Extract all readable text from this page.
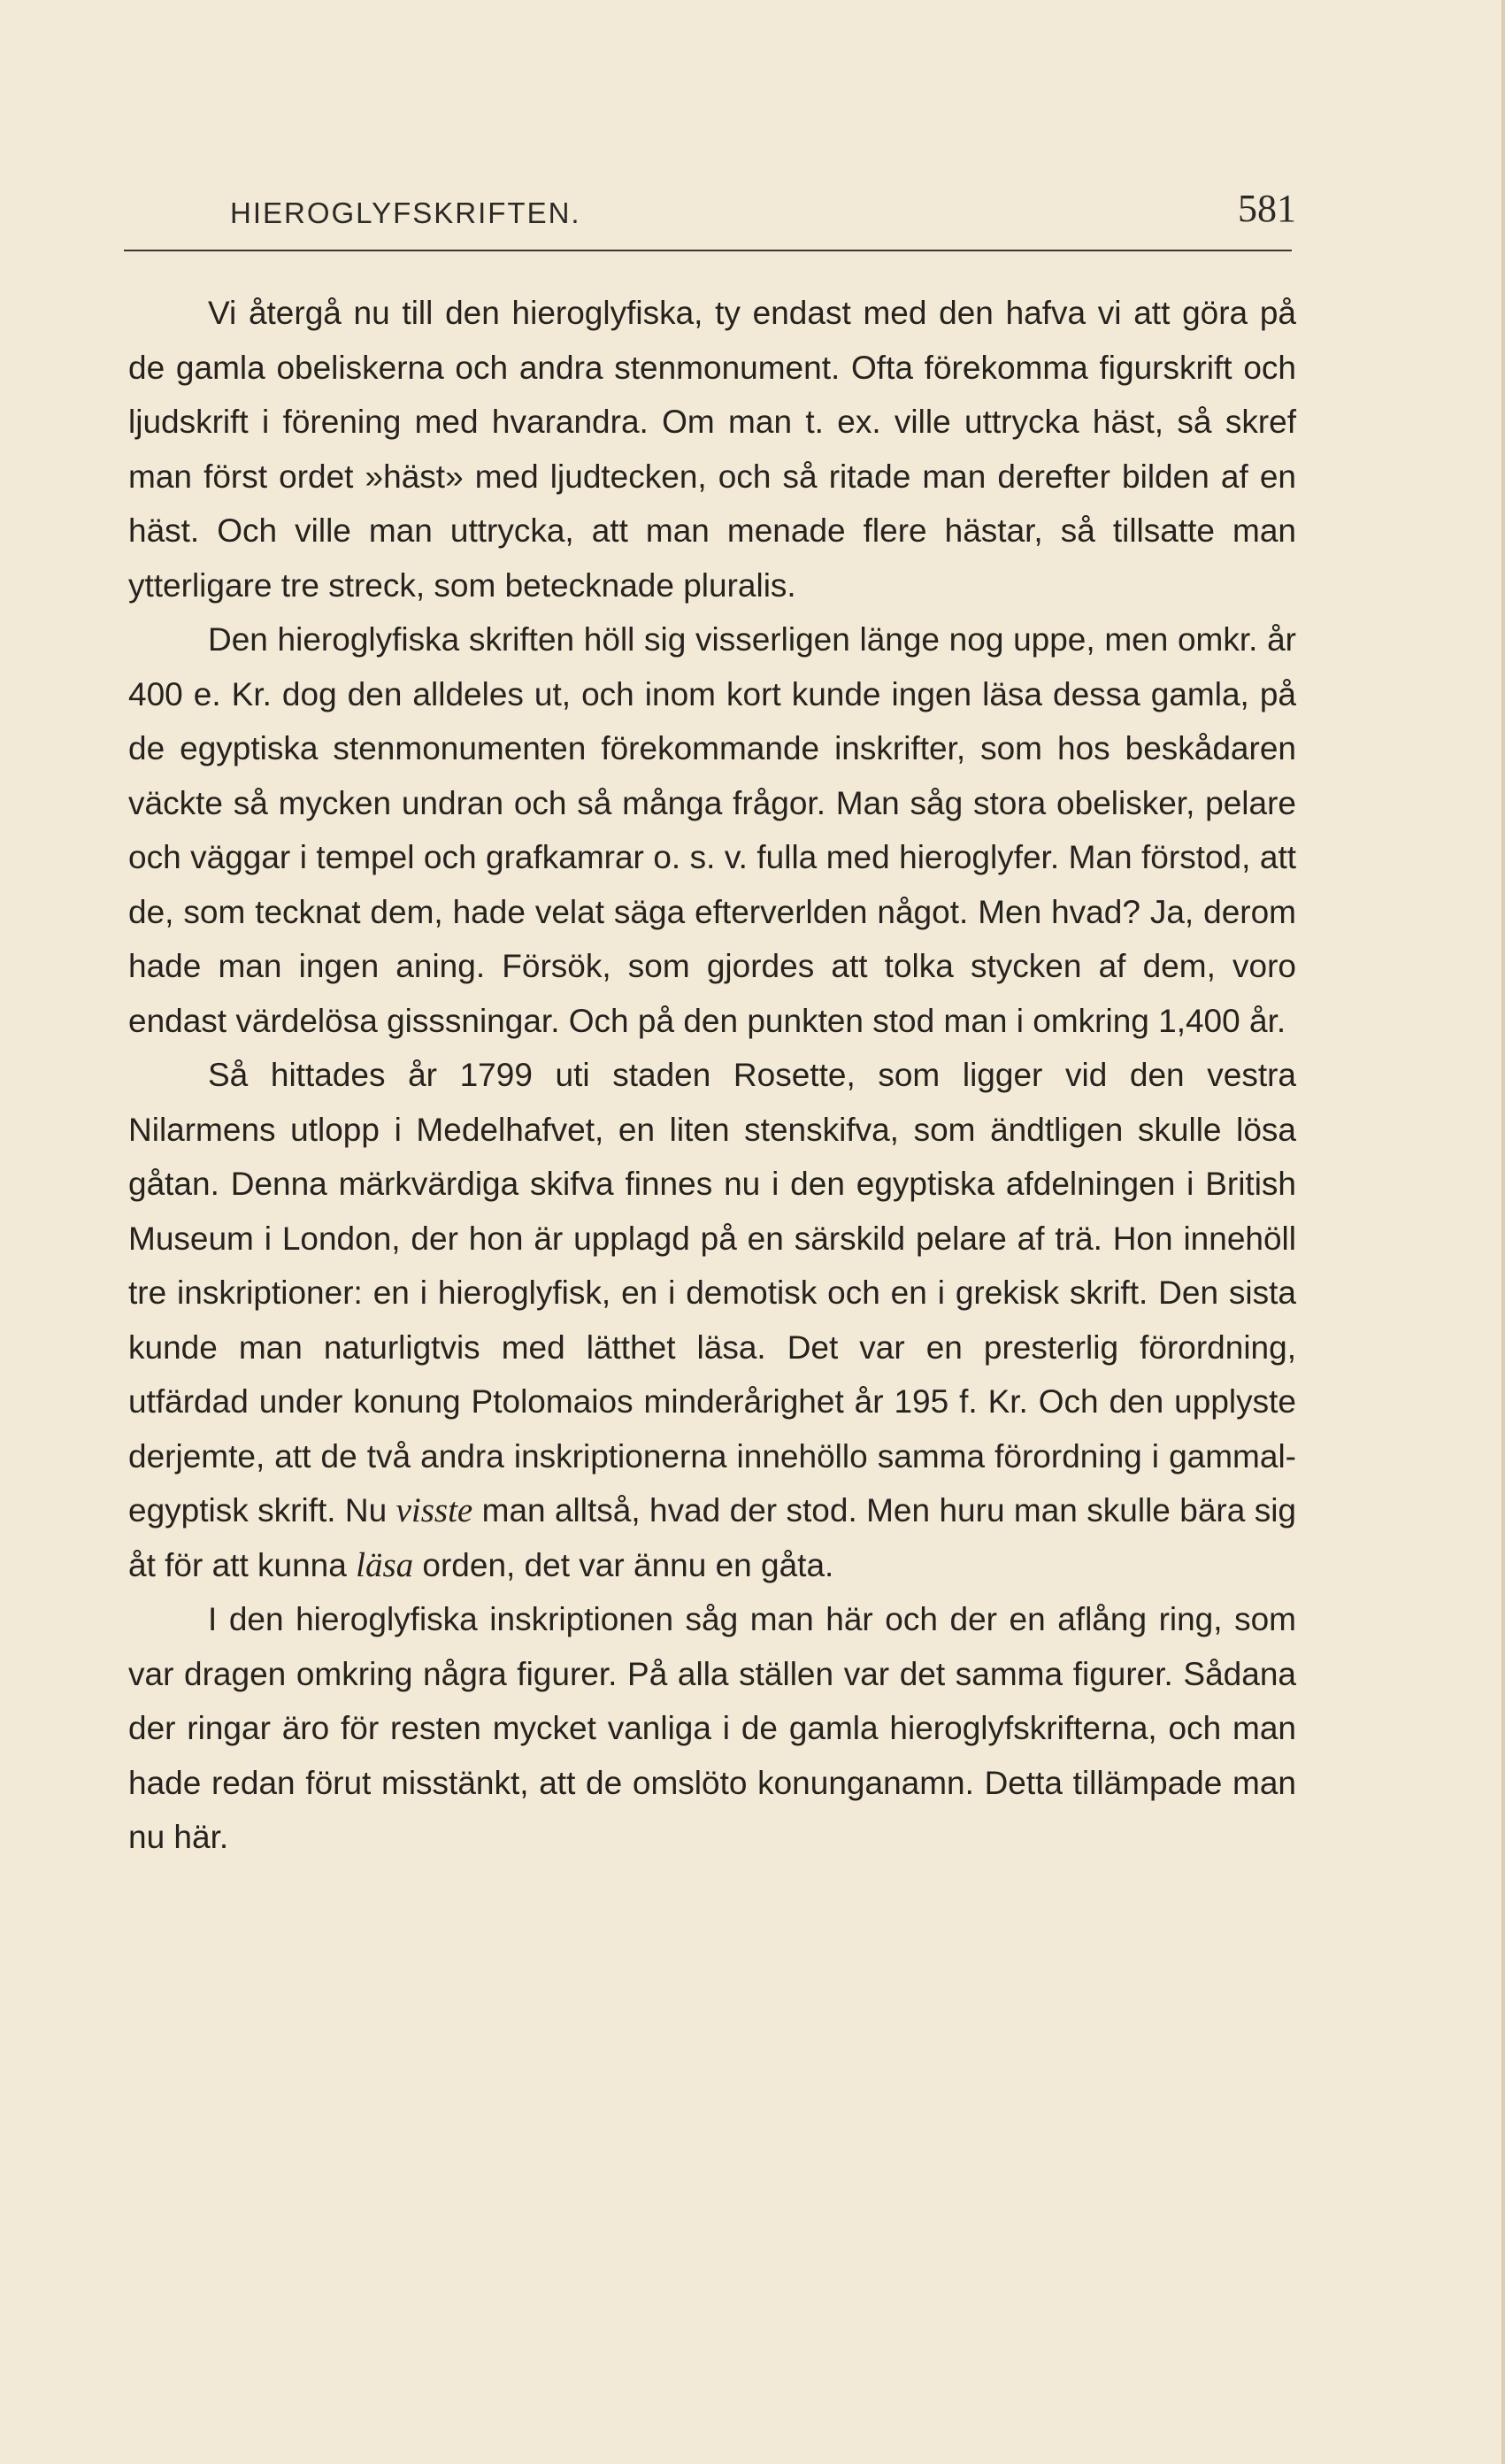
HIEROGLYFSKRIFTEN.	581

Vi återgå nu till den hieroglyfiska, ty endast med den hafva vi att göra på de gamla obeliskerna och andra stenmonument. Ofta förekomma figurskrift och ljudskrift i förening med hvarandra. Om man t. ex. ville uttrycka häst, så skref man först ordet »häst» med ljudtecken, och så ritade man derefter bilden af en häst. Och ville man uttrycka, att man menade flere hästar, så tillsatte man ytterligare tre streck, som betecknade pluralis.

Den hieroglyfiska skriften höll sig visserligen länge nog uppe, men omkr. år 400 e. Kr. dog den alldeles ut, och inom kort kunde ingen läsa dessa gamla, på de egyptiska stenmonumenten förekommande inskrifter, som hos beskådaren väckte så mycken undran och så många frågor. Man såg stora obelisker, pelare och väggar i tempel och grafkamrar o. s. v. fulla med hieroglyfer. Man förstod, att de, som tecknat dem, hade velat säga efterverlden något. Men hvad? Ja, derom hade man ingen aning. Försök, som gjordes att tolka stycken af dem, voro endast värdelösa gisssningar. Och på den punkten stod man i omkring 1,400 år.

Så hittades år 1799 uti staden Rosette, som ligger vid den vestra Nilarmens utlopp i Medelhafvet, en liten stenskifva, som ändtligen skulle lösa gåtan. Denna märkvärdiga skifva finnes nu i den egyptiska afdelningen i British Museum i London, der hon är upplagd på en särskild pelare af trä. Hon innehöll tre inskriptioner: en i hieroglyfisk, en i demotisk och en i grekisk skrift. Den sista kunde man naturligtvis med lätthet läsa. Det var en presterlig förordning, utfärdad under konung Ptolomaios minderårighet år 195 f. Kr. Och den upplyste derjemte, att de två andra inskriptionerna innehöllo samma förordning i gammal-egyptisk skrift. Nu visste man alltså, hvad der stod. Men huru man skulle bära sig åt för att kunna läsa orden, det var ännu en gåta.

I den hieroglyfiska inskriptionen såg man här och der en aflång ring, som var dragen omkring några figurer. På alla ställen var det samma figurer. Sådana der ringar äro för resten mycket vanliga i de gamla hieroglyfskrifterna, och man hade redan förut misstänkt, att de omslöto konunganamn. Detta tillämpade man nu här.
